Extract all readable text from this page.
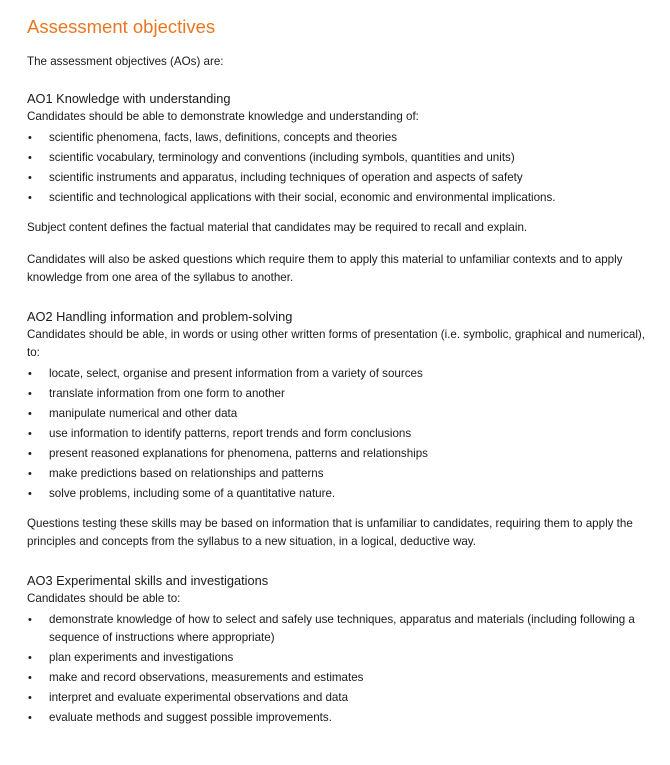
Assessment objectives

The assessment objectives (AOs) are:

AO1 Knowledge with understanding

Candidates should be able to demonstrate knowledge and understanding of:

• scientific phenomena, facts, laws, definitions, concepts and theories
• scientific vocabulary, terminology and conventions (including symbols, quantities and units)
• scientific instruments and apparatus, including techniques of operation and aspects of safety
• scientific and technological applications with their social, economic and environmental implications.

Subject content defines the factual material that candidates may be required to recall and explain.

Candidates will also be asked questions which require them to apply this material to unfamiliar contexts and to apply knowledge from one area of the syllabus to another.

AO2 Handling information and problem-solving

Candidates should be able, in words or using other written forms of presentation (i.e. symbolic, graphical and numerical), to:

• locate, select, organise and present information from a variety of sources
• translate information from one form to another
• manipulate numerical and other data
• use information to identify patterns, report trends and form conclusions
• present reasoned explanations for phenomena, patterns and relationships
• make predictions based on relationships and patterns
• solve problems, including some of a quantitative nature.

Questions testing these skills may be based on information that is unfamiliar to candidates, requiring them to apply the principles and concepts from the syllabus to a new situation, in a logical, deductive way.

AO3 Experimental skills and investigations

Candidates should be able to:

• demonstrate knowledge of how to select and safely use techniques, apparatus and materials (including following a sequence of instructions where appropriate)
• plan experiments and investigations
• make and record observations, measurements and estimates
• interpret and evaluate experimental observations and data
• evaluate methods and suggest possible improvements.
